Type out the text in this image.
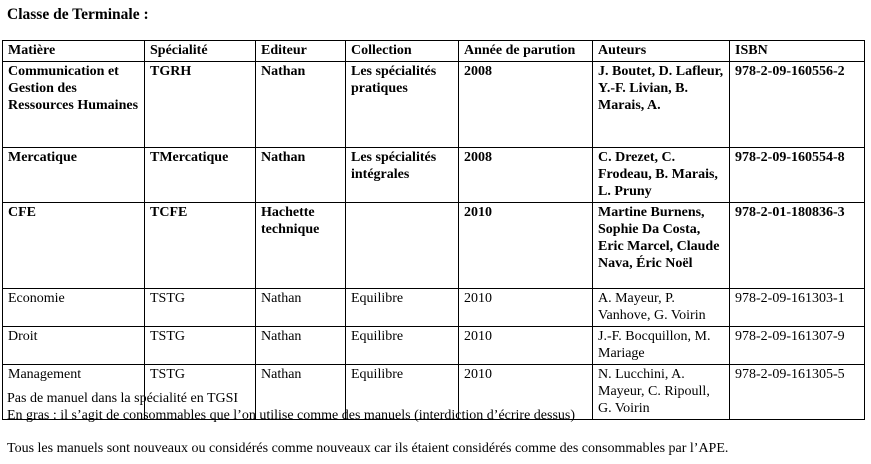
Classe de Terminale :
Matière	Spécialité	Editeur	Collection	Année de parution	Auteurs	ISBN
Communication et Gestion des Ressources Humaines	TGRH	Nathan	Les spécialités pratiques	2008	J. Boutet, D. Lafleur, Y.-F. Livian, B. Marais, A.	978-2-09-160556-2
Mercatique	TMercatique	Nathan	Les spécialités intégrales	2008	C. Drezet, C. Frodeau, B. Marais, L. Pruny	978-2-09-160554-8
CFE	TCFE	Hachette technique		2010	Martine Burnens, Sophie Da Costa, Eric Marcel, Claude Nava, Éric Noël	978-2-01-180836-3
Economie	TSTG	Nathan	Equilibre	2010	A. Mayeur, P. Vanhove, G. Voirin	978-2-09-161303-1
Droit	TSTG	Nathan	Equilibre	2010	J.-F. Bocquillon, M. Mariage	978-2-09-161307-9
Management	TSTG	Nathan	Equilibre	2010	N. Lucchini, A. Mayeur, C. Ripoull, G. Voirin	978-2-09-161305-5
Pas de manuel dans la spécialité en TGSI
En gras : il s’agit de consommables que l’on utilise comme des manuels (interdiction d’écrire dessus)
Tous les manuels sont nouveaux ou considérés comme nouveaux car ils étaient considérés comme des consommables par l’APE.
